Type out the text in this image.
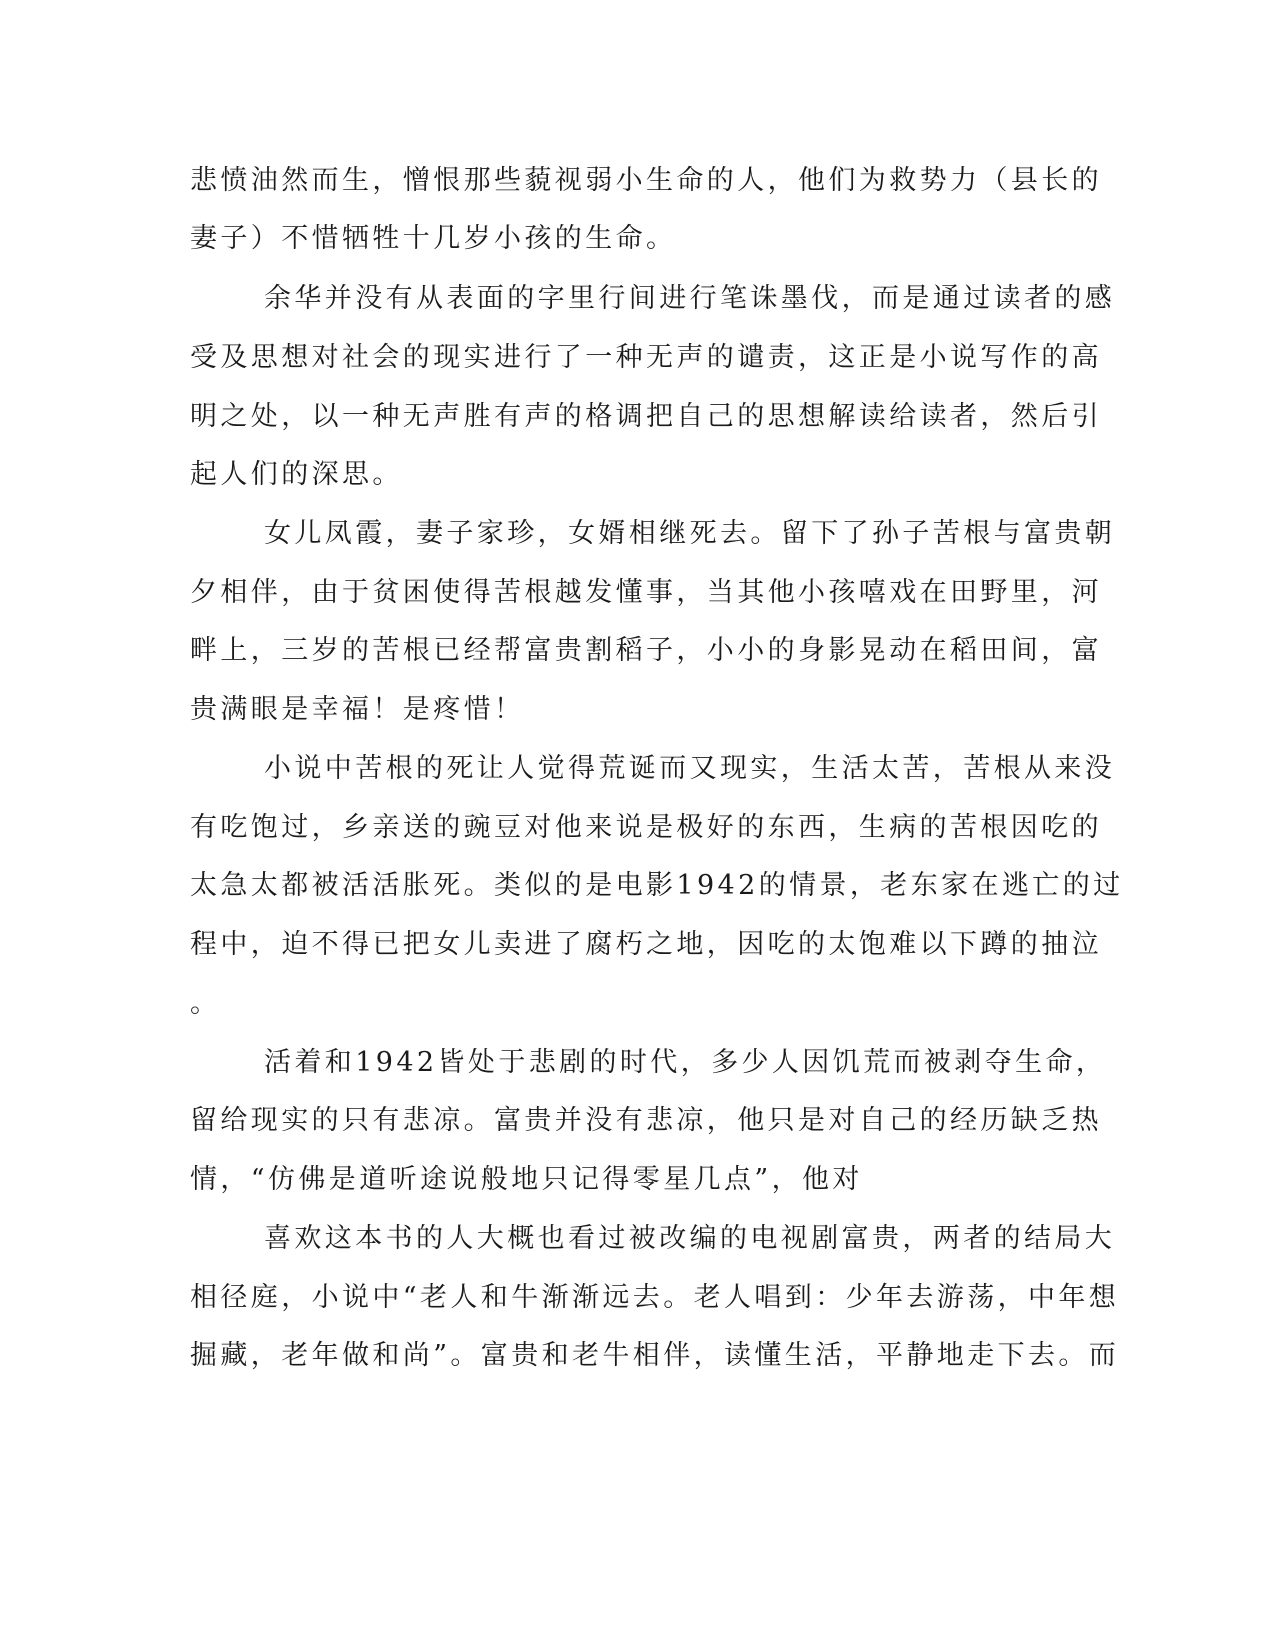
悲愤油然而生，憎恨那些藐视弱小生命的人，他们为救势力（县长的

妻子）不惜牺牲十几岁小孩的生命。

余华并没有从表面的字里行间进行笔诛墨伐，而是通过读者的感

受及思想对社会的现实进行了一种无声的谴责，这正是小说写作的高

明之处，以一种无声胜有声的格调把自己的思想解读给读者，然后引

起人们的深思。

女儿凤霞，妻子家珍，女婿相继死去。留下了孙子苦根与富贵朝

夕相伴，由于贫困使得苦根越发懂事，当其他小孩嘻戏在田野里，河

畔上，三岁的苦根已经帮富贵割稻子，小小的身影晃动在稻田间，富

贵满眼是幸福！是疼惜！

小说中苦根的死让人觉得荒诞而又现实，生活太苦，苦根从来没

有吃饱过，乡亲送的豌豆对他来说是极好的东西，生病的苦根因吃的

太急太都被活活胀死。类似的是电影1942的情景，老东家在逃亡的过

程中，迫不得已把女儿卖进了腐朽之地，因吃的太饱难以下蹲的抽泣

。

活着和1942皆处于悲剧的时代，多少人因饥荒而被剥夺生命，

留给现实的只有悲凉。富贵并没有悲凉，他只是对自己的经历缺乏热

情，“仿佛是道听途说般地只记得零星几点”，他对

喜欢这本书的人大概也看过被改编的电视剧富贵，两者的结局大

相径庭，小说中“老人和牛渐渐远去。老人唱到：少年去游荡，中年想

掘藏，老年做和尚”。富贵和老牛相伴，读懂生活，平静地走下去。而
